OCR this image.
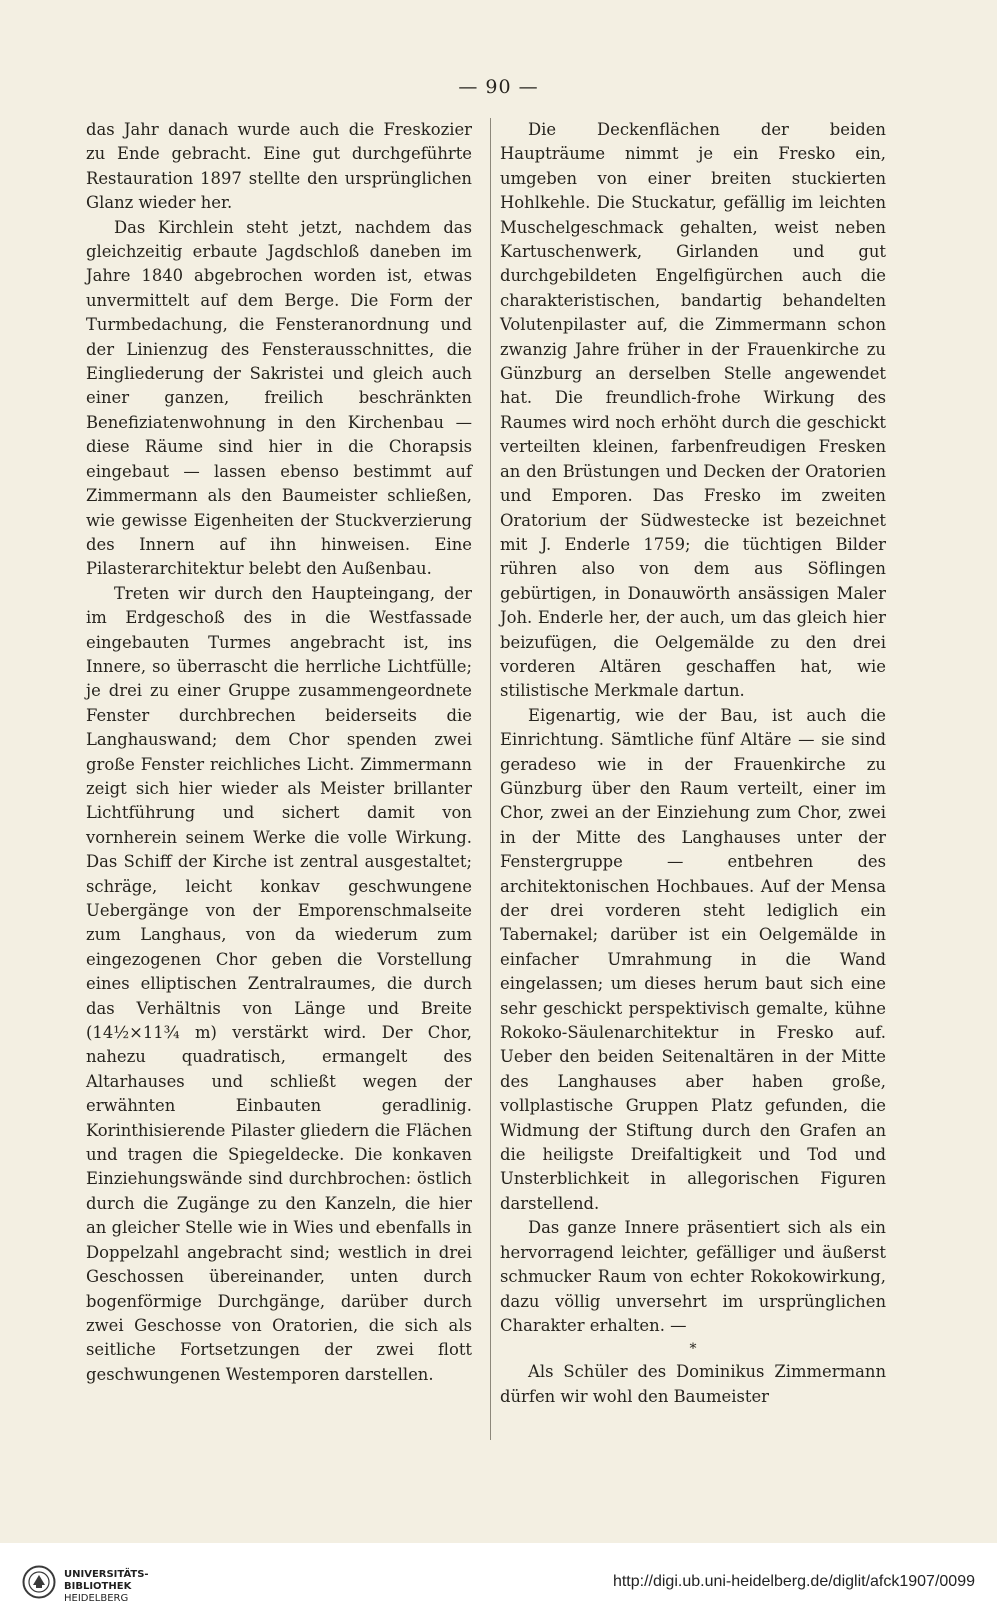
— 90 —

das Jahr danach wurde auch die Freskozier zu Ende gebracht. Eine gut durchgeführte Restauration 1897 stellte den ursprünglichen Glanz wieder her.

Das Kirchlein steht jetzt, nachdem das gleichzeitig erbaute Jagdschloß daneben im Jahre 1840 abgebrochen worden ist, etwas unvermittelt auf dem Berge. Die Form der Turmbedachung, die Fensteranordnung und der Linienzug des Fensterausschnittes, die Eingliederung der Sakristei und gleich auch einer ganzen, freilich beschränkten Benefiziatenwohnung in den Kirchenbau — diese Räume sind hier in die Chorapsis eingebaut — lassen ebenso bestimmt auf Zimmermann als den Baumeister schließen, wie gewisse Eigenheiten der Stuckverzierung des Innern auf ihn hinweisen. Eine Pilasterarchitektur belebt den Außenbau.

Treten wir durch den Haupteingang, der im Erdgeschoß des in die Westfassade eingebauten Turmes angebracht ist, ins Innere, so überrascht die herrliche Lichtfülle; je drei zu einer Gruppe zusammengeordnete Fenster durchbrechen beiderseits die Langhauswand; dem Chor spenden zwei große Fenster reichliches Licht. Zimmermann zeigt sich hier wieder als Meister brillanter Lichtführung und sichert damit von vornherein seinem Werke die volle Wirkung. Das Schiff der Kirche ist zentral ausgestaltet; schräge, leicht konkav geschwungene Uebergänge von der Emporenschmalseite zum Langhaus, von da wiederum zum eingezogenen Chor geben die Vorstellung eines elliptischen Zentralraumes, die durch das Verhältnis von Länge und Breite (14½×11¾ m) verstärkt wird. Der Chor, nahezu quadratisch, ermangelt des Altarhauses und schließt wegen der erwähnten Einbauten geradlinig. Korinthisierende Pilaster gliedern die Flächen und tragen die Spiegeldecke. Die konkaven Einziehungswände sind durchbrochen: östlich durch die Zugänge zu den Kanzeln, die hier an gleicher Stelle wie in Wies und ebenfalls in Doppelzahl angebracht sind; westlich in drei Geschossen übereinander, unten durch bogenförmige Durchgänge, darüber durch zwei Geschosse von Oratorien, die sich als seitliche Fortsetzungen der zwei flott geschwungenen Westemporen darstellen.

Die Deckenflächen der beiden Haupträume nimmt je ein Fresko ein, umgeben von einer breiten stuckierten Hohlkehle. Die Stuckatur, gefällig im leichten Muschelgeschmack gehalten, weist neben Kartuschenwerk, Girlanden und gut durchgebildeten Engelfigürchen auch die charakteristischen, bandartig behandelten Volutenpilaster auf, die Zimmermann schon zwanzig Jahre früher in der Frauenkirche zu Günzburg an derselben Stelle angewendet hat. Die freundlich-frohe Wirkung des Raumes wird noch erhöht durch die geschickt verteilten kleinen, farbenfreudigen Fresken an den Brüstungen und Decken der Oratorien und Emporen. Das Fresko im zweiten Oratorium der Südwestecke ist bezeichnet mit J. Enderle 1759; die tüchtigen Bilder rühren also von dem aus Söflingen gebürtigen, in Donauwörth ansässigen Maler Joh. Enderle her, der auch, um das gleich hier beizufügen, die Oelgemälde zu den drei vorderen Altären geschaffen hat, wie stilistische Merkmale dartun.

Eigenartig, wie der Bau, ist auch die Einrichtung. Sämtliche fünf Altäre — sie sind geradeso wie in der Frauenkirche zu Günzburg über den Raum verteilt, einer im Chor, zwei an der Einziehung zum Chor, zwei in der Mitte des Langhauses unter der Fenstergruppe — entbehren des architektonischen Hochbaues. Auf der Mensa der drei vorderen steht lediglich ein Tabernakel; darüber ist ein Oelgemälde in einfacher Umrahmung in die Wand eingelassen; um dieses herum baut sich eine sehr geschickt perspektivisch gemalte, kühne Rokoko-Säulenarchitektur in Fresko auf. Ueber den beiden Seitenaltären in der Mitte des Langhauses aber haben große, vollplastische Gruppen Platz gefunden, die Widmung der Stiftung durch den Grafen an die heiligste Dreifaltigkeit und Tod und Unsterblichkeit in allegorischen Figuren darstellend.

Das ganze Innere präsentiert sich als ein hervorragend leichter, gefälliger und äußerst schmucker Raum von echter Rokokowirkung, dazu völlig unversehrt im ursprünglichen Charakter erhalten. —

*

Als Schüler des Dominikus Zimmermann dürfen wir wohl den Baumeister

UNIVERSITÄTS-
BIBLIOTHEK
HEIDELBERG
http://digi.ub.uni-heidelberg.de/diglit/afck1907/0099
